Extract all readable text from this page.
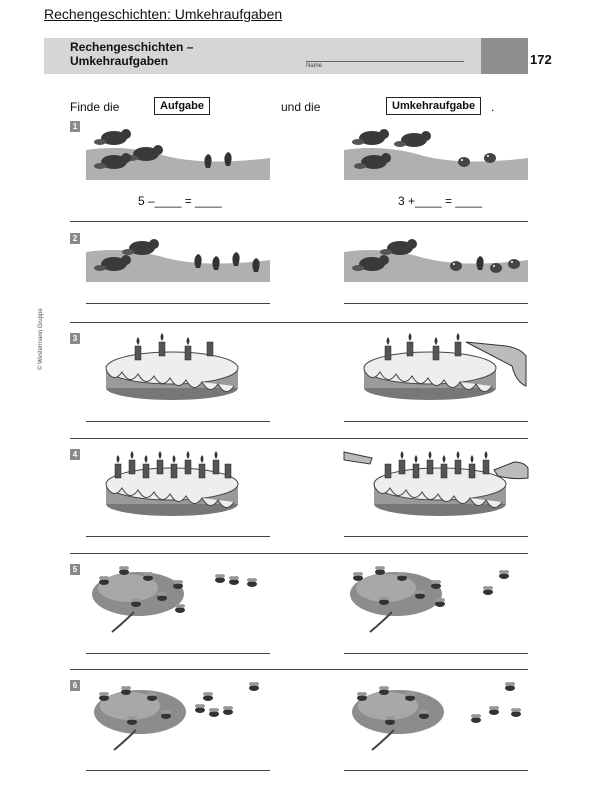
Rechengeschichten: Umkehraufgaben
Rechengeschichten –
Umkehraufgaben	Name	172
Finde die	Aufgabe	und die	Umkehraufgabe	.
1
2
3
4
5
6
5 –____ = ____	3 +____ = ____
© Westermann Gruppe
